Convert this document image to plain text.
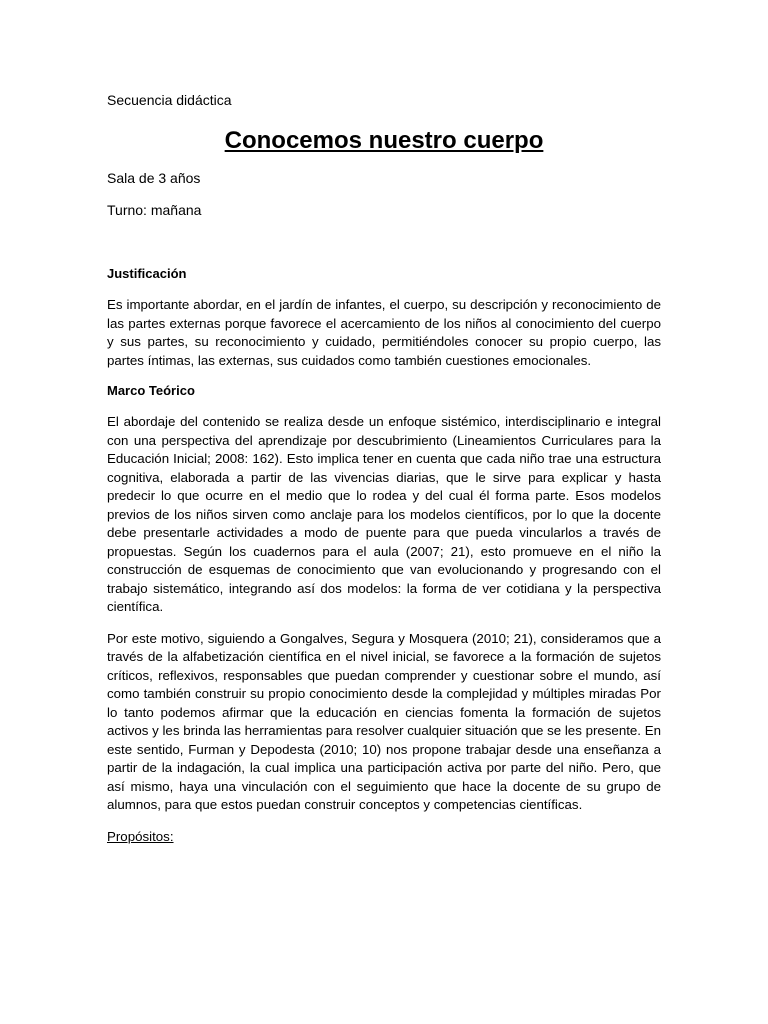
Secuencia didáctica

Conocemos nuestro cuerpo

Sala de 3 años

Turno: mañana

Justificación

Es importante abordar, en el jardín de infantes, el cuerpo, su descripción y reconocimiento de las partes externas porque favorece el acercamiento de los niños al conocimiento del cuerpo y sus partes, su reconocimiento y cuidado, permitiéndoles conocer su propio cuerpo, las partes íntimas, las externas, sus cuidados como también cuestiones emocionales.

Marco Teórico

El abordaje del contenido se realiza desde un enfoque sistémico, interdisciplinario e integral con una perspectiva del aprendizaje por descubrimiento (Lineamientos Curriculares para la Educación Inicial; 2008: 162). Esto implica tener en cuenta que cada niño trae una estructura cognitiva, elaborada a partir de las vivencias diarias, que le sirve para explicar y hasta predecir lo que ocurre en el medio que lo rodea y del cual él forma parte. Esos modelos previos de los niños sirven como anclaje para los modelos científicos, por lo que la docente debe presentarle actividades a modo de puente para que pueda vincularlos a través de propuestas. Según los cuadernos para el aula (2007; 21), esto promueve en el niño la construcción de esquemas de conocimiento que van evolucionando y progresando con el trabajo sistemático, integrando así dos modelos: la forma de ver cotidiana y la perspectiva científica.

Por este motivo, siguiendo a Gongalves, Segura y Mosquera (2010; 21), consideramos que a través de la alfabetización científica en el nivel inicial, se favorece a la formación de sujetos críticos, reflexivos, responsables que puedan comprender y cuestionar sobre el mundo, así como también construir su propio conocimiento desde la complejidad y múltiples miradas Por lo tanto podemos afirmar que la educación en ciencias fomenta la formación de sujetos activos y les brinda las herramientas para resolver cualquier situación que se les presente. En este sentido, Furman y Depodesta (2010; 10) nos propone trabajar desde una enseñanza a partir de la indagación, la cual implica una participación activa por parte del niño. Pero, que así mismo, haya una vinculación con el seguimiento que hace la docente de su grupo de alumnos, para que estos puedan construir conceptos y competencias científicas.

Propósitos:
